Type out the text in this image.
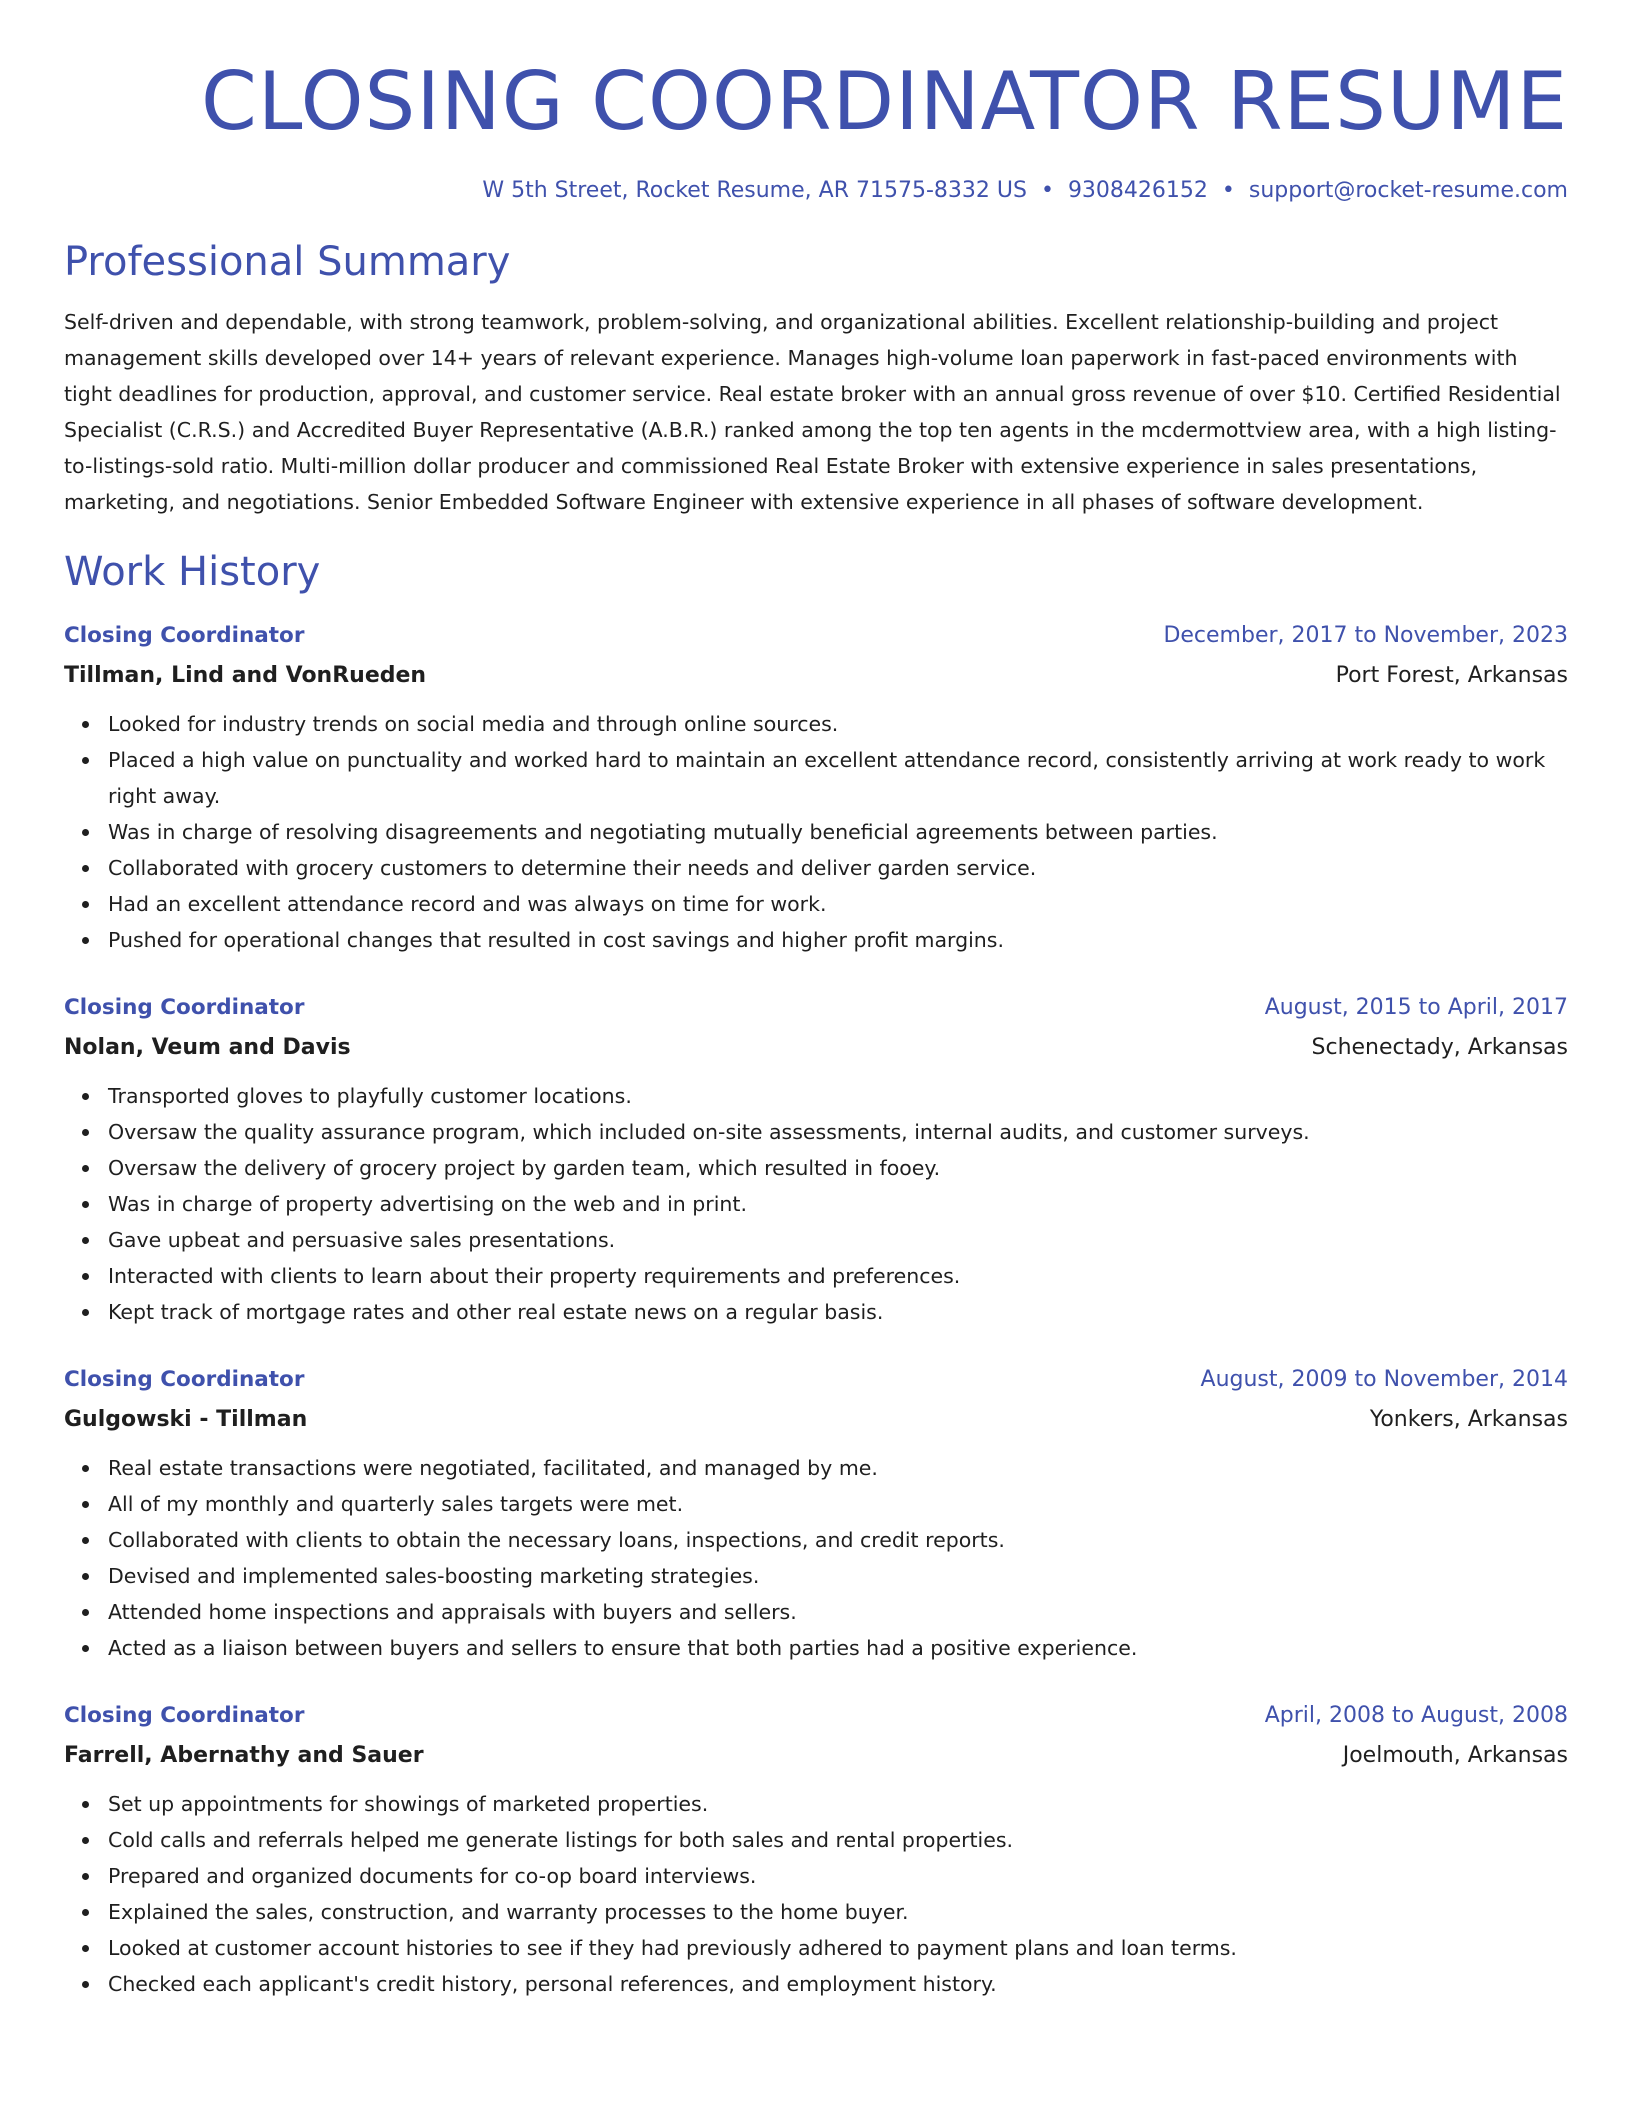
CLOSING COORDINATOR RESUME
W 5th Street, Rocket Resume, AR 71575-8332 US • 9308426152 • support@rocket-resume.com
Professional Summary
Self-driven and dependable, with strong teamwork, problem-solving, and organizational abilities. Excellent relationship-building and project management skills developed over 14+ years of relevant experience. Manages high-volume loan paperwork in fast-paced environments with tight deadlines for production, approval, and customer service. Real estate broker with an annual gross revenue of over $10. Certified Residential Specialist (C.R.S.) and Accredited Buyer Representative (A.B.R.) ranked among the top ten agents in the mcdermottview area, with a high listing-to-listings-sold ratio. Multi-million dollar producer and commissioned Real Estate Broker with extensive experience in sales presentations, marketing, and negotiations. Senior Embedded Software Engineer with extensive experience in all phases of software development.
Work History
Closing Coordinator	December, 2017 to November, 2023
Tillman, Lind and VonRueden	Port Forest, Arkansas
Looked for industry trends on social media and through online sources.
Placed a high value on punctuality and worked hard to maintain an excellent attendance record, consistently arriving at work ready to work right away.
Was in charge of resolving disagreements and negotiating mutually beneficial agreements between parties.
Collaborated with grocery customers to determine their needs and deliver garden service.
Had an excellent attendance record and was always on time for work.
Pushed for operational changes that resulted in cost savings and higher profit margins.
Closing Coordinator	August, 2015 to April, 2017
Nolan, Veum and Davis	Schenectady, Arkansas
Transported gloves to playfully customer locations.
Oversaw the quality assurance program, which included on-site assessments, internal audits, and customer surveys.
Oversaw the delivery of grocery project by garden team, which resulted in fooey.
Was in charge of property advertising on the web and in print.
Gave upbeat and persuasive sales presentations.
Interacted with clients to learn about their property requirements and preferences.
Kept track of mortgage rates and other real estate news on a regular basis.
Closing Coordinator	August, 2009 to November, 2014
Gulgowski - Tillman	Yonkers, Arkansas
Real estate transactions were negotiated, facilitated, and managed by me.
All of my monthly and quarterly sales targets were met.
Collaborated with clients to obtain the necessary loans, inspections, and credit reports.
Devised and implemented sales-boosting marketing strategies.
Attended home inspections and appraisals with buyers and sellers.
Acted as a liaison between buyers and sellers to ensure that both parties had a positive experience.
Closing Coordinator	April, 2008 to August, 2008
Farrell, Abernathy and Sauer	Joelmouth, Arkansas
Set up appointments for showings of marketed properties.
Cold calls and referrals helped me generate listings for both sales and rental properties.
Prepared and organized documents for co-op board interviews.
Explained the sales, construction, and warranty processes to the home buyer.
Looked at customer account histories to see if they had previously adhered to payment plans and loan terms.
Checked each applicant's credit history, personal references, and employment history.
